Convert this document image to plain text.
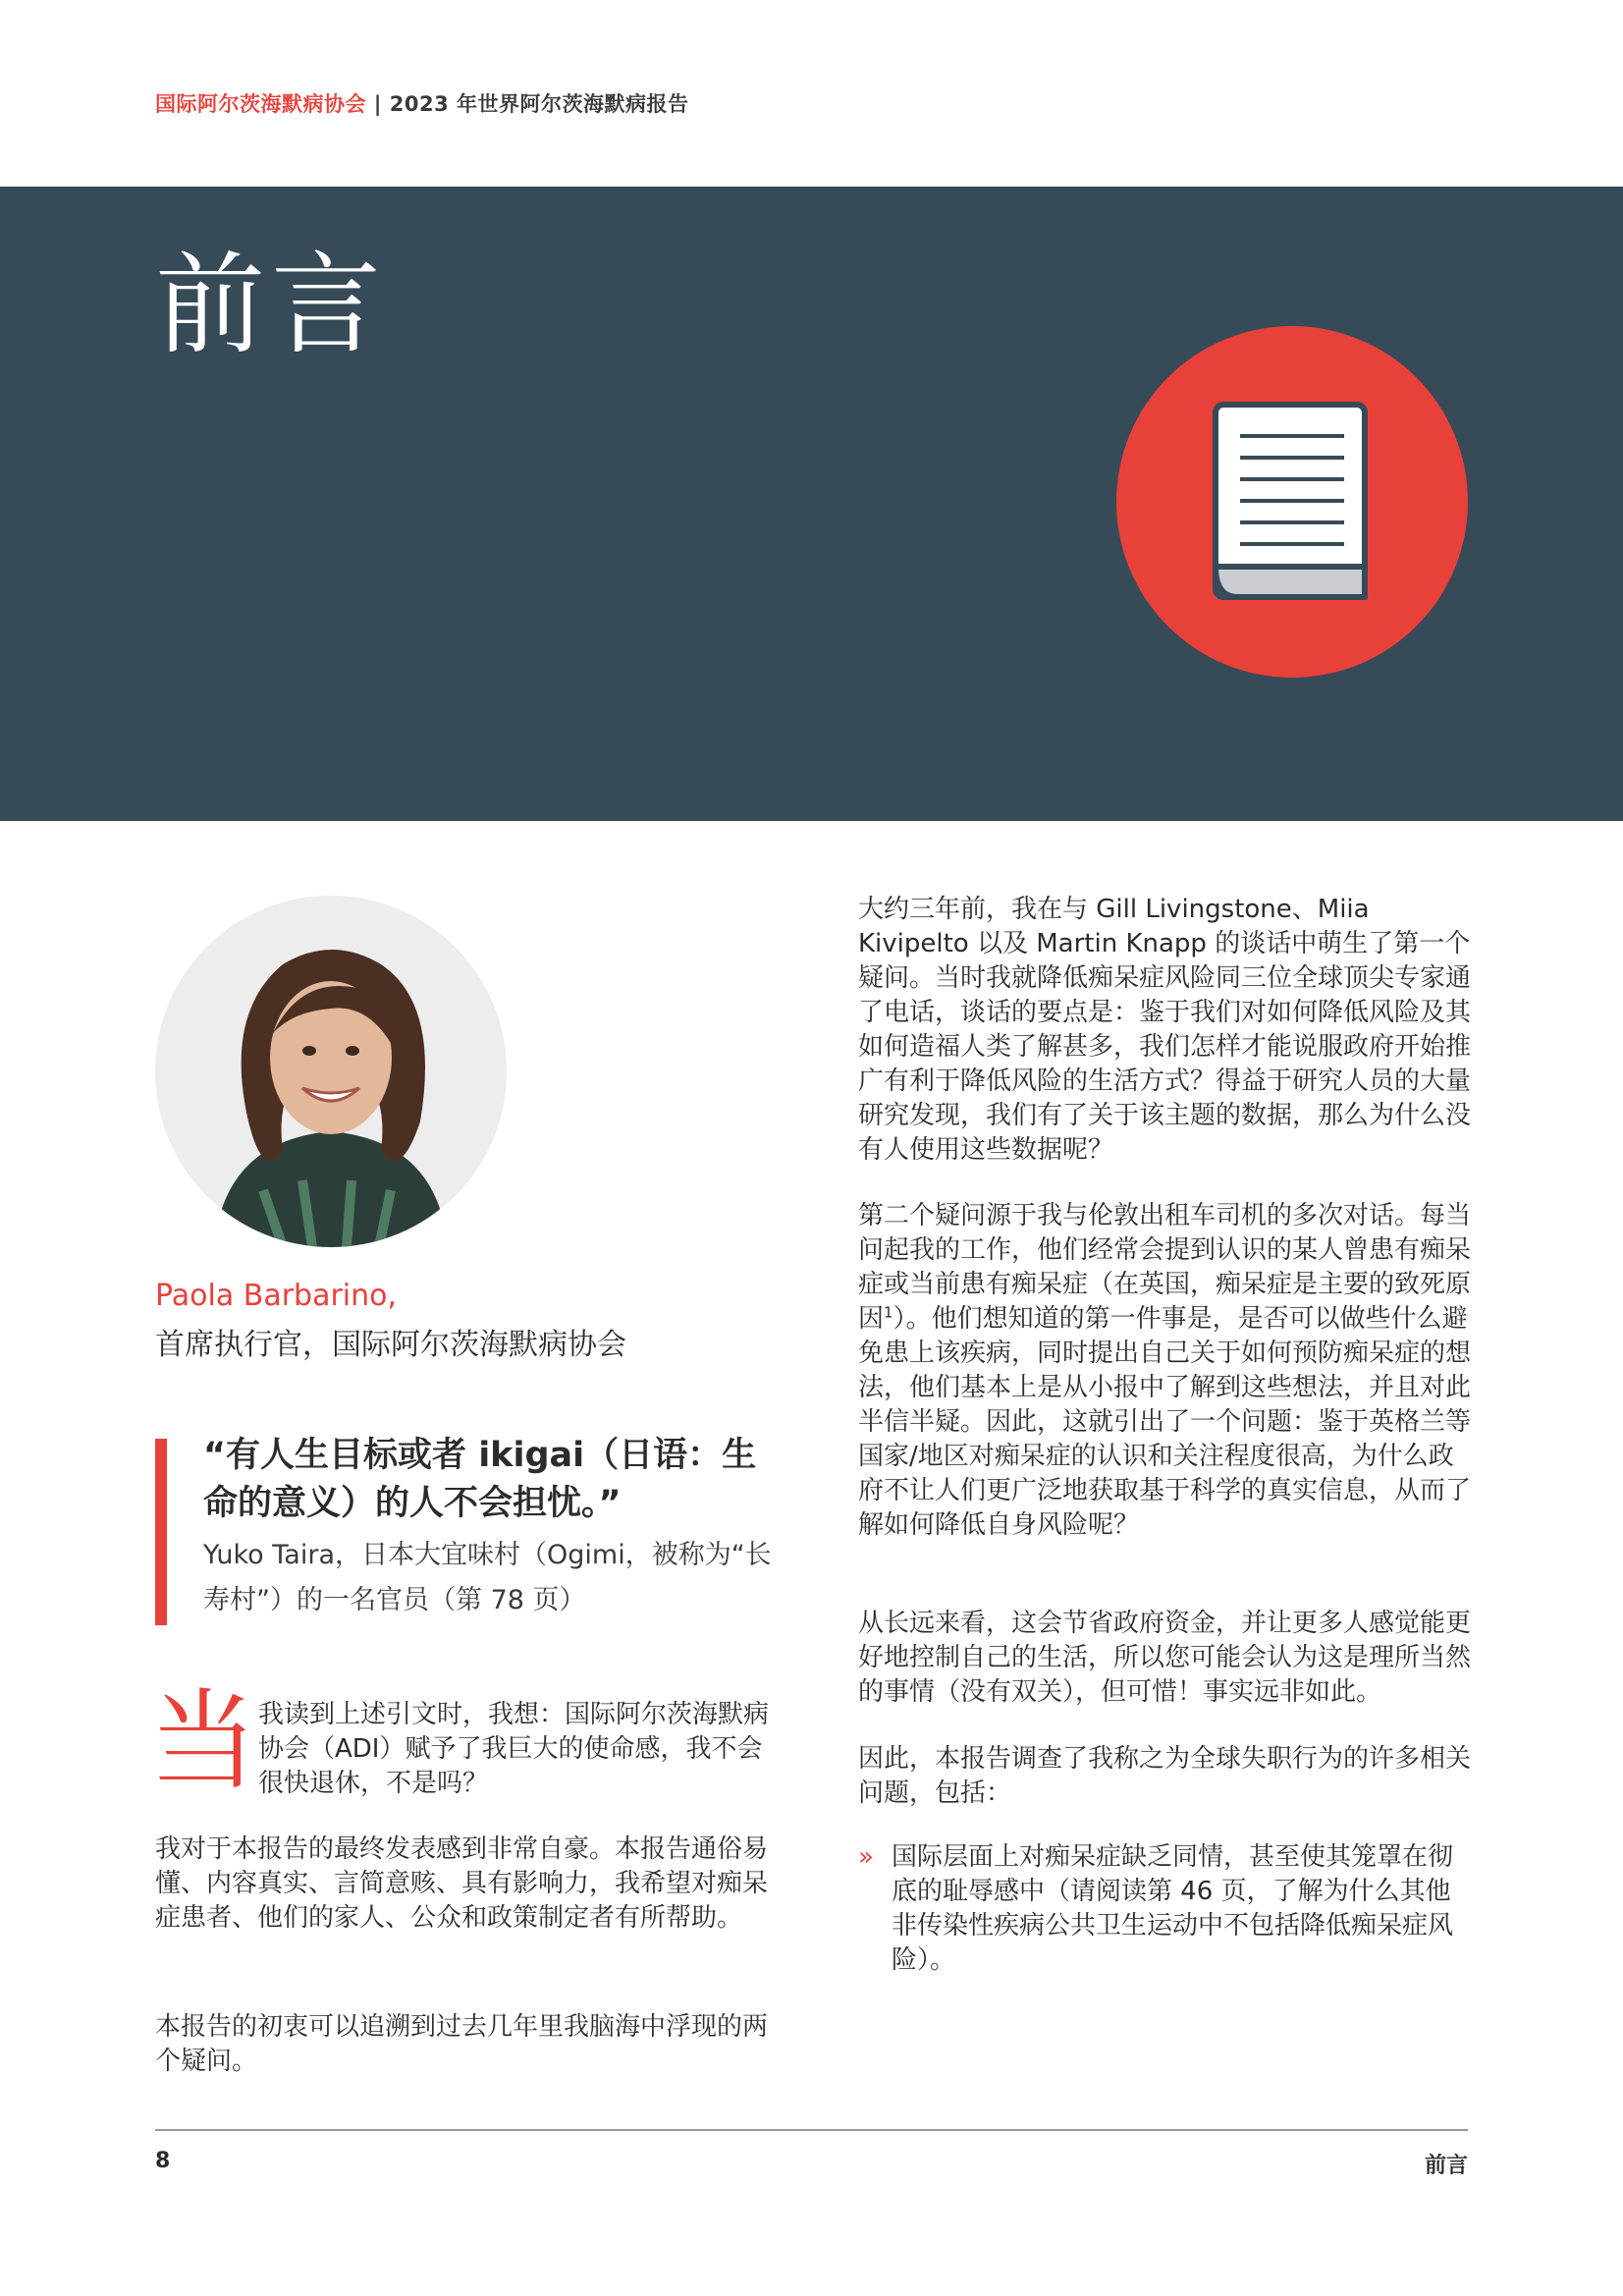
国际阿尔茨海默病协会 | 2023 年世界阿尔茨海默病报告
前言
Paola Barbarino,
首席执行官，国际阿尔茨海默病协会
“有人生目标或者 ikigai（日语：生命的意义）的人不会担忧。”
Yuko Taira，日本大宜味村（Ogimi，被称为“长寿村”）的一名官员（第 78 页）
当 我读到上述引文时，我想：国际阿尔茨海默病协会（ADI）赋予了我巨大的使命感，我不会很快退休，不是吗？

我对于本报告的最终发表感到非常自豪。本报告通俗易懂、内容真实、言简意赅、具有影响力，我希望对痴呆症患者、他们的家人、公众和政策制定者有所帮助。

本报告的初衷可以追溯到过去几年里我脑海中浮现的两个疑问。

大约三年前，我在与 Gill Livingstone、Miia Kivipelto 以及 Martin Knapp 的谈话中萌生了第一个疑问。当时我就降低痴呆症风险同三位全球顶尖专家通了电话，谈话的要点是：鉴于我们对如何降低风险及其如何造福人类了解甚多，我们怎样才能说服政府开始推广有利于降低风险的生活方式？得益于研究人员的大量研究发现，我们有了关于该主题的数据，那么为什么没有人使用这些数据呢？

第二个疑问源于我与伦敦出租车司机的多次对话。每当问起我的工作，他们经常会提到认识的某人曾患有痴呆症或当前患有痴呆症（在英国，痴呆症是主要的致死原因$^1$）。他们想知道的第一件事是，是否可以做些什么避免患上该疾病，同时提出自己关于如何预防痴呆症的想法，他们基本上是从小报中了解到这些想法，并且对此半信半疑。因此，这就引出了一个问题：鉴于英格兰等国家/地区对痴呆症的认识和关注程度很高，为什么政府不让人们更广泛地获取基于科学的真实信息，从而了解如何降低自身风险呢？

从长远来看，这会节省政府资金，并让更多人感觉能更好地控制自己的生活，所以您可能会认为这是理所当然的事情（没有双关），但可惜！事实远非如此。

因此，本报告调查了我称之为全球失职行为的许多相关问题，包括：

» 国际层面上对痴呆症缺乏同情，甚至使其笼罩在彻底的耻辱感中（请阅读第 46 页，了解为什么其他非传染性疾病公共卫生运动中不包括降低痴呆症风险）。
8	前言
